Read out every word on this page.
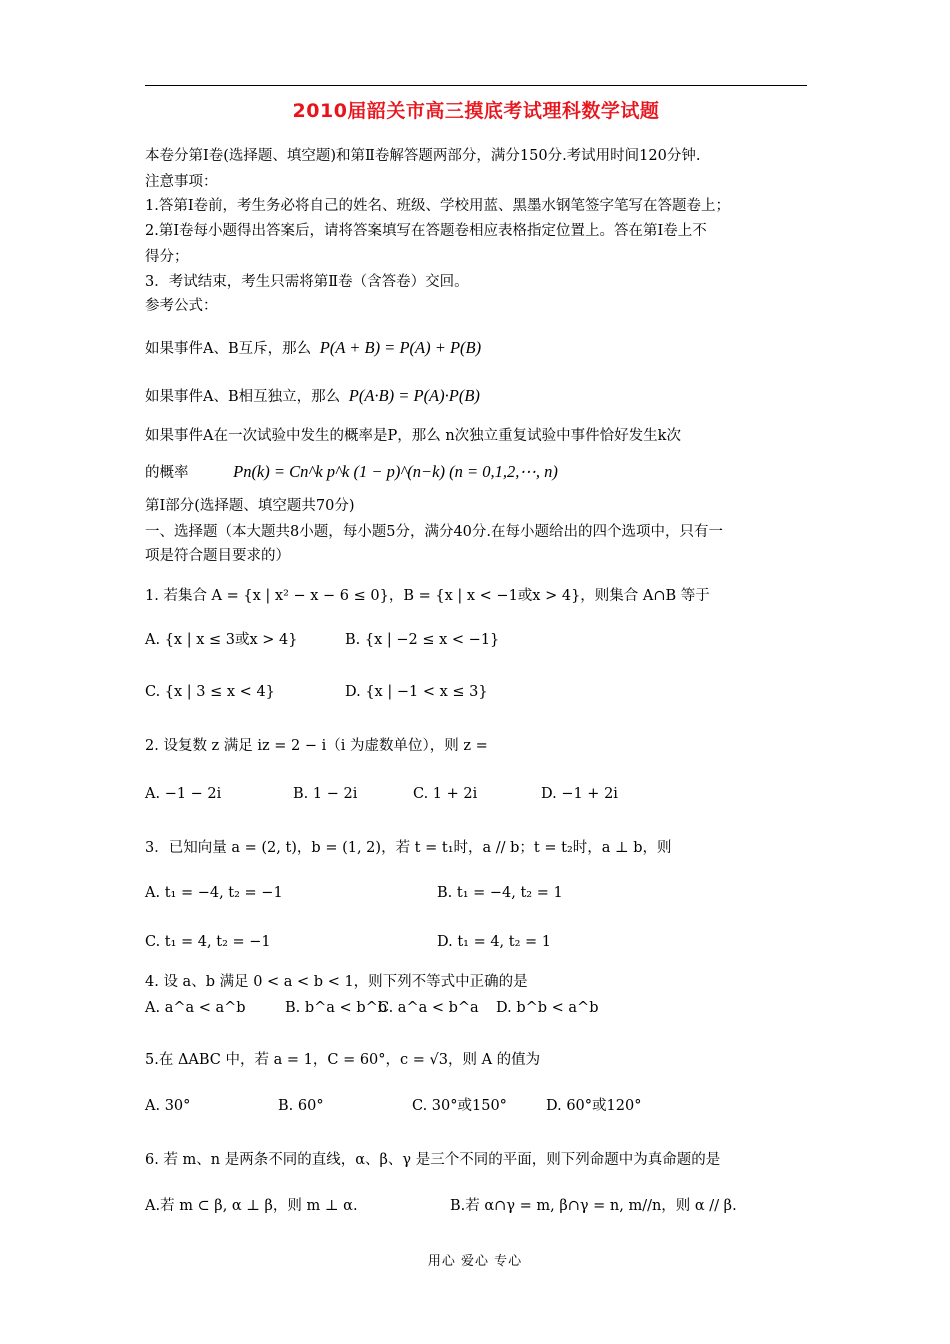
2010届韶关市高三摸底考试理科数学试题
本卷分第Ⅰ卷(选择题、填空题)和第Ⅱ卷解答题两部分，满分150分.考试用时间120分钟.
注意事项：
1.答第Ⅰ卷前，考生务必将自己的姓名、班级、学校用蓝、黑墨水钢笔签字笔写在答题卷上；
2.第Ⅰ卷每小题得出答案后，请将答案填写在答题卷相应表格指定位置上。答在第Ⅰ卷上不
得分；
3．考试结束，考生只需将第Ⅱ卷（含答卷）交回。
参考公式：
如果事件A、B互斥，那么 P(A + B) = P(A) + P(B)
如果事件A、B相互独立，那么 P(A·B) = P(A)·P(B)
如果事件A在一次试验中发生的概率是P，那么 n次独立重复试验中事件恰好发生k次
的概率	Pn(k) = Cn^k p^k (1 − p)^(n−k) (n = 0,1,2,⋯, n)
第Ⅰ部分(选择题、填空题共70分)
一、选择题（本大题共8小题，每小题5分，满分40分.在每小题给出的四个选项中，只有一
项是符合题目要求的）
1. 若集合 A = {x | x² − x − 6 ≤ 0}，B = {x | x < −1或x > 4}，则集合 A∩B 等于
A. {x | x ≤ 3或x > 4}	B. {x | −2 ≤ x < −1}
C. {x | 3 ≤ x < 4}	D. {x | −1 < x ≤ 3}
2. 设复数 z 满足 iz = 2 − i（i 为虚数单位），则 z =
A. −1 − 2i	B. 1 − 2i	C. 1 + 2i	D. −1 + 2i
3．已知向量 a = (2, t)，b = (1, 2)，若 t = t₁时，a // b；t = t₂时，a ⊥ b，则
A. t₁ = −4, t₂ = −1	B. t₁ = −4, t₂ = 1
C. t₁ = 4, t₂ = −1	D. t₁ = 4, t₂ = 1
4. 设 a、b 满足 0 < a < b < 1，则下列不等式中正确的是
A. a^a < a^b	B. b^a < b^b
C. a^a < b^a D. b^b < a^b
5.在 ΔABC 中，若 a = 1，C = 60°，c = √3，则 A 的值为
A. 30°	B. 60°	C. 30°或150°	D. 60°或120°
6. 若 m、n 是两条不同的直线，α、β、γ 是三个不同的平面，则下列命题中为真命题的是
A.若 m ⊂ β, α ⊥ β，则 m ⊥ α.	B.若 α∩γ = m, β∩γ = n, m//n，则 α // β.
用心 爱心 专心
